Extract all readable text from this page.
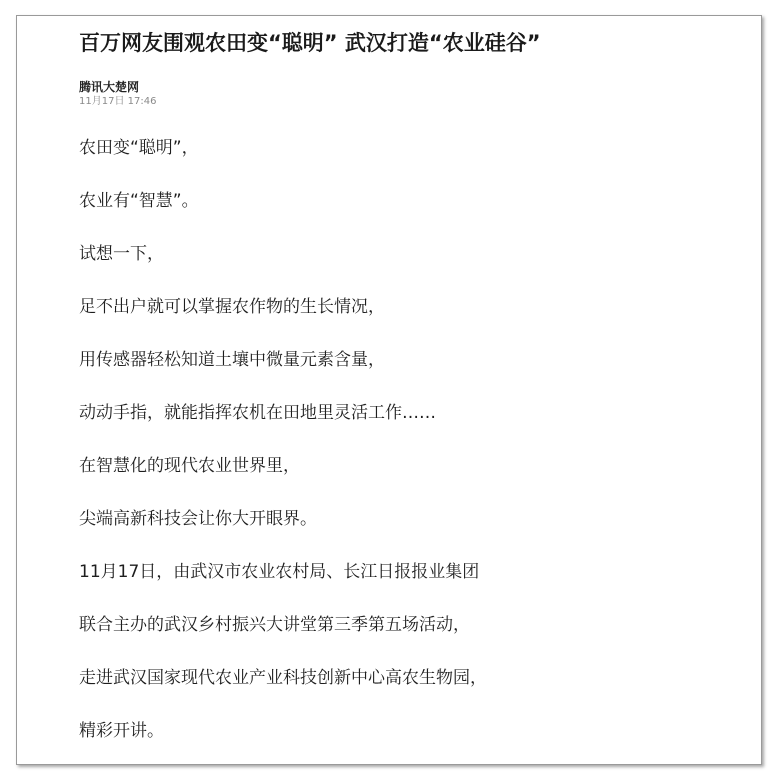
百万网友围观农田变“聪明” 武汉打造“农业硅谷”
腾讯大楚网
11月17日 17:46

农田变“聪明”，

农业有“智慧”。

试想一下，

足不出户就可以掌握农作物的生长情况，

用传感器轻松知道土壤中微量元素含量，

动动手指，就能指挥农机在田地里灵活工作……

在智慧化的现代农业世界里，

尖端高新科技会让你大开眼界。

11月17日，由武汉市农业农村局、长江日报报业集团

联合主办的武汉乡村振兴大讲堂第三季第五场活动，

走进武汉国家现代农业产业科技创新中心高农生物园，

精彩开讲。
